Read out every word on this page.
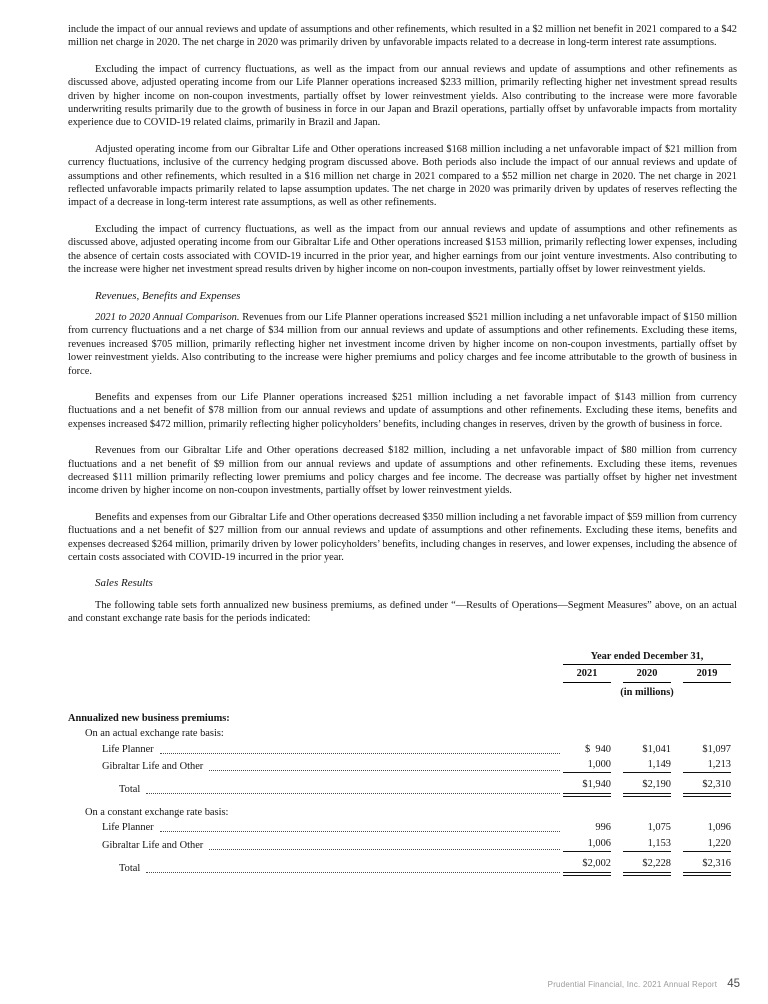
include the impact of our annual reviews and update of assumptions and other refinements, which resulted in a $2 million net benefit in 2021 compared to a $42 million net charge in 2020. The net charge in 2020 was primarily driven by unfavorable impacts related to a decrease in long-term interest rate assumptions.

Excluding the impact of currency fluctuations, as well as the impact from our annual reviews and update of assumptions and other refinements as discussed above, adjusted operating income from our Life Planner operations increased $233 million, primarily reflecting higher net investment spread results driven by higher income on non-coupon investments, partially offset by lower reinvestment yields. Also contributing to the increase were more favorable underwriting results primarily due to the growth of business in force in our Japan and Brazil operations, partially offset by unfavorable impacts from mortality experience due to COVID-19 related claims, primarily in Brazil and Japan.

Adjusted operating income from our Gibraltar Life and Other operations increased $168 million including a net unfavorable impact of $21 million from currency fluctuations, inclusive of the currency hedging program discussed above. Both periods also include the impact of our annual reviews and update of assumptions and other refinements, which resulted in a $16 million net charge in 2021 compared to a $52 million net charge in 2020. The net charge in 2021 reflected unfavorable impacts primarily related to lapse assumption updates. The net charge in 2020 was primarily driven by updates of reserves reflecting the impact of a decrease in long-term interest rate assumptions, as well as other refinements.

Excluding the impact of currency fluctuations, as well as the impact from our annual reviews and update of assumptions and other refinements as discussed above, adjusted operating income from our Gibraltar Life and Other operations increased $153 million, primarily reflecting lower expenses, including the absence of certain costs associated with COVID-19 incurred in the prior year, and higher earnings from our joint venture investments. Also contributing to the increase were higher net investment spread results driven by higher income on non-coupon investments, partially offset by lower reinvestment yields.

Revenues, Benefits and Expenses

2021 to 2020 Annual Comparison. Revenues from our Life Planner operations increased $521 million including a net unfavorable impact of $150 million from currency fluctuations and a net charge of $34 million from our annual reviews and update of assumptions and other refinements. Excluding these items, revenues increased $705 million, primarily reflecting higher net investment income driven by higher income on non-coupon investments, partially offset by lower reinvestment yields. Also contributing to the increase were higher premiums and policy charges and fee income attributable to the growth of business in force.

Benefits and expenses from our Life Planner operations increased $251 million including a net favorable impact of $143 million from currency fluctuations and a net benefit of $78 million from our annual reviews and update of assumptions and other refinements. Excluding these items, benefits and expenses increased $472 million, primarily reflecting higher policyholders’ benefits, including changes in reserves, driven by the growth of business in force.

Revenues from our Gibraltar Life and Other operations decreased $182 million, including a net unfavorable impact of $80 million from currency fluctuations and a net benefit of $9 million from our annual reviews and update of assumptions and other refinements. Excluding these items, revenues decreased $111 million primarily reflecting lower premiums and policy charges and fee income. The decrease was partially offset by higher net investment income driven by higher income on non-coupon investments, partially offset by lower reinvestment yields.

Benefits and expenses from our Gibraltar Life and Other operations decreased $350 million including a net favorable impact of $59 million from currency fluctuations and a net benefit of $27 million from our annual reviews and update of assumptions and other refinements. Excluding these items, benefits and expenses decreased $264 million, primarily driven by lower policyholders’ benefits, including changes in reserves, and lower expenses, including the absence of certain costs associated with COVID-19 incurred in the prior year.

Sales Results

The following table sets forth annualized new business premiums, as defined under “—Results of Operations—Segment Measures” above, on an actual and constant exchange rate basis for the periods indicated:

Year ended December 31,
2021	2020	2019
(in millions)
Annualized new business premiums:
On an actual exchange rate basis:
Life Planner	$  940	$1,041	$1,097
Gibraltar Life and Other	1,000	1,149	1,213
Total	$1,940	$2,190	$2,310
On a constant exchange rate basis:
Life Planner	996	1,075	1,096
Gibraltar Life and Other	1,006	1,153	1,220
Total	$2,002	$2,228	$2,316
Prudential Financial, Inc. 2021 Annual Report 45
